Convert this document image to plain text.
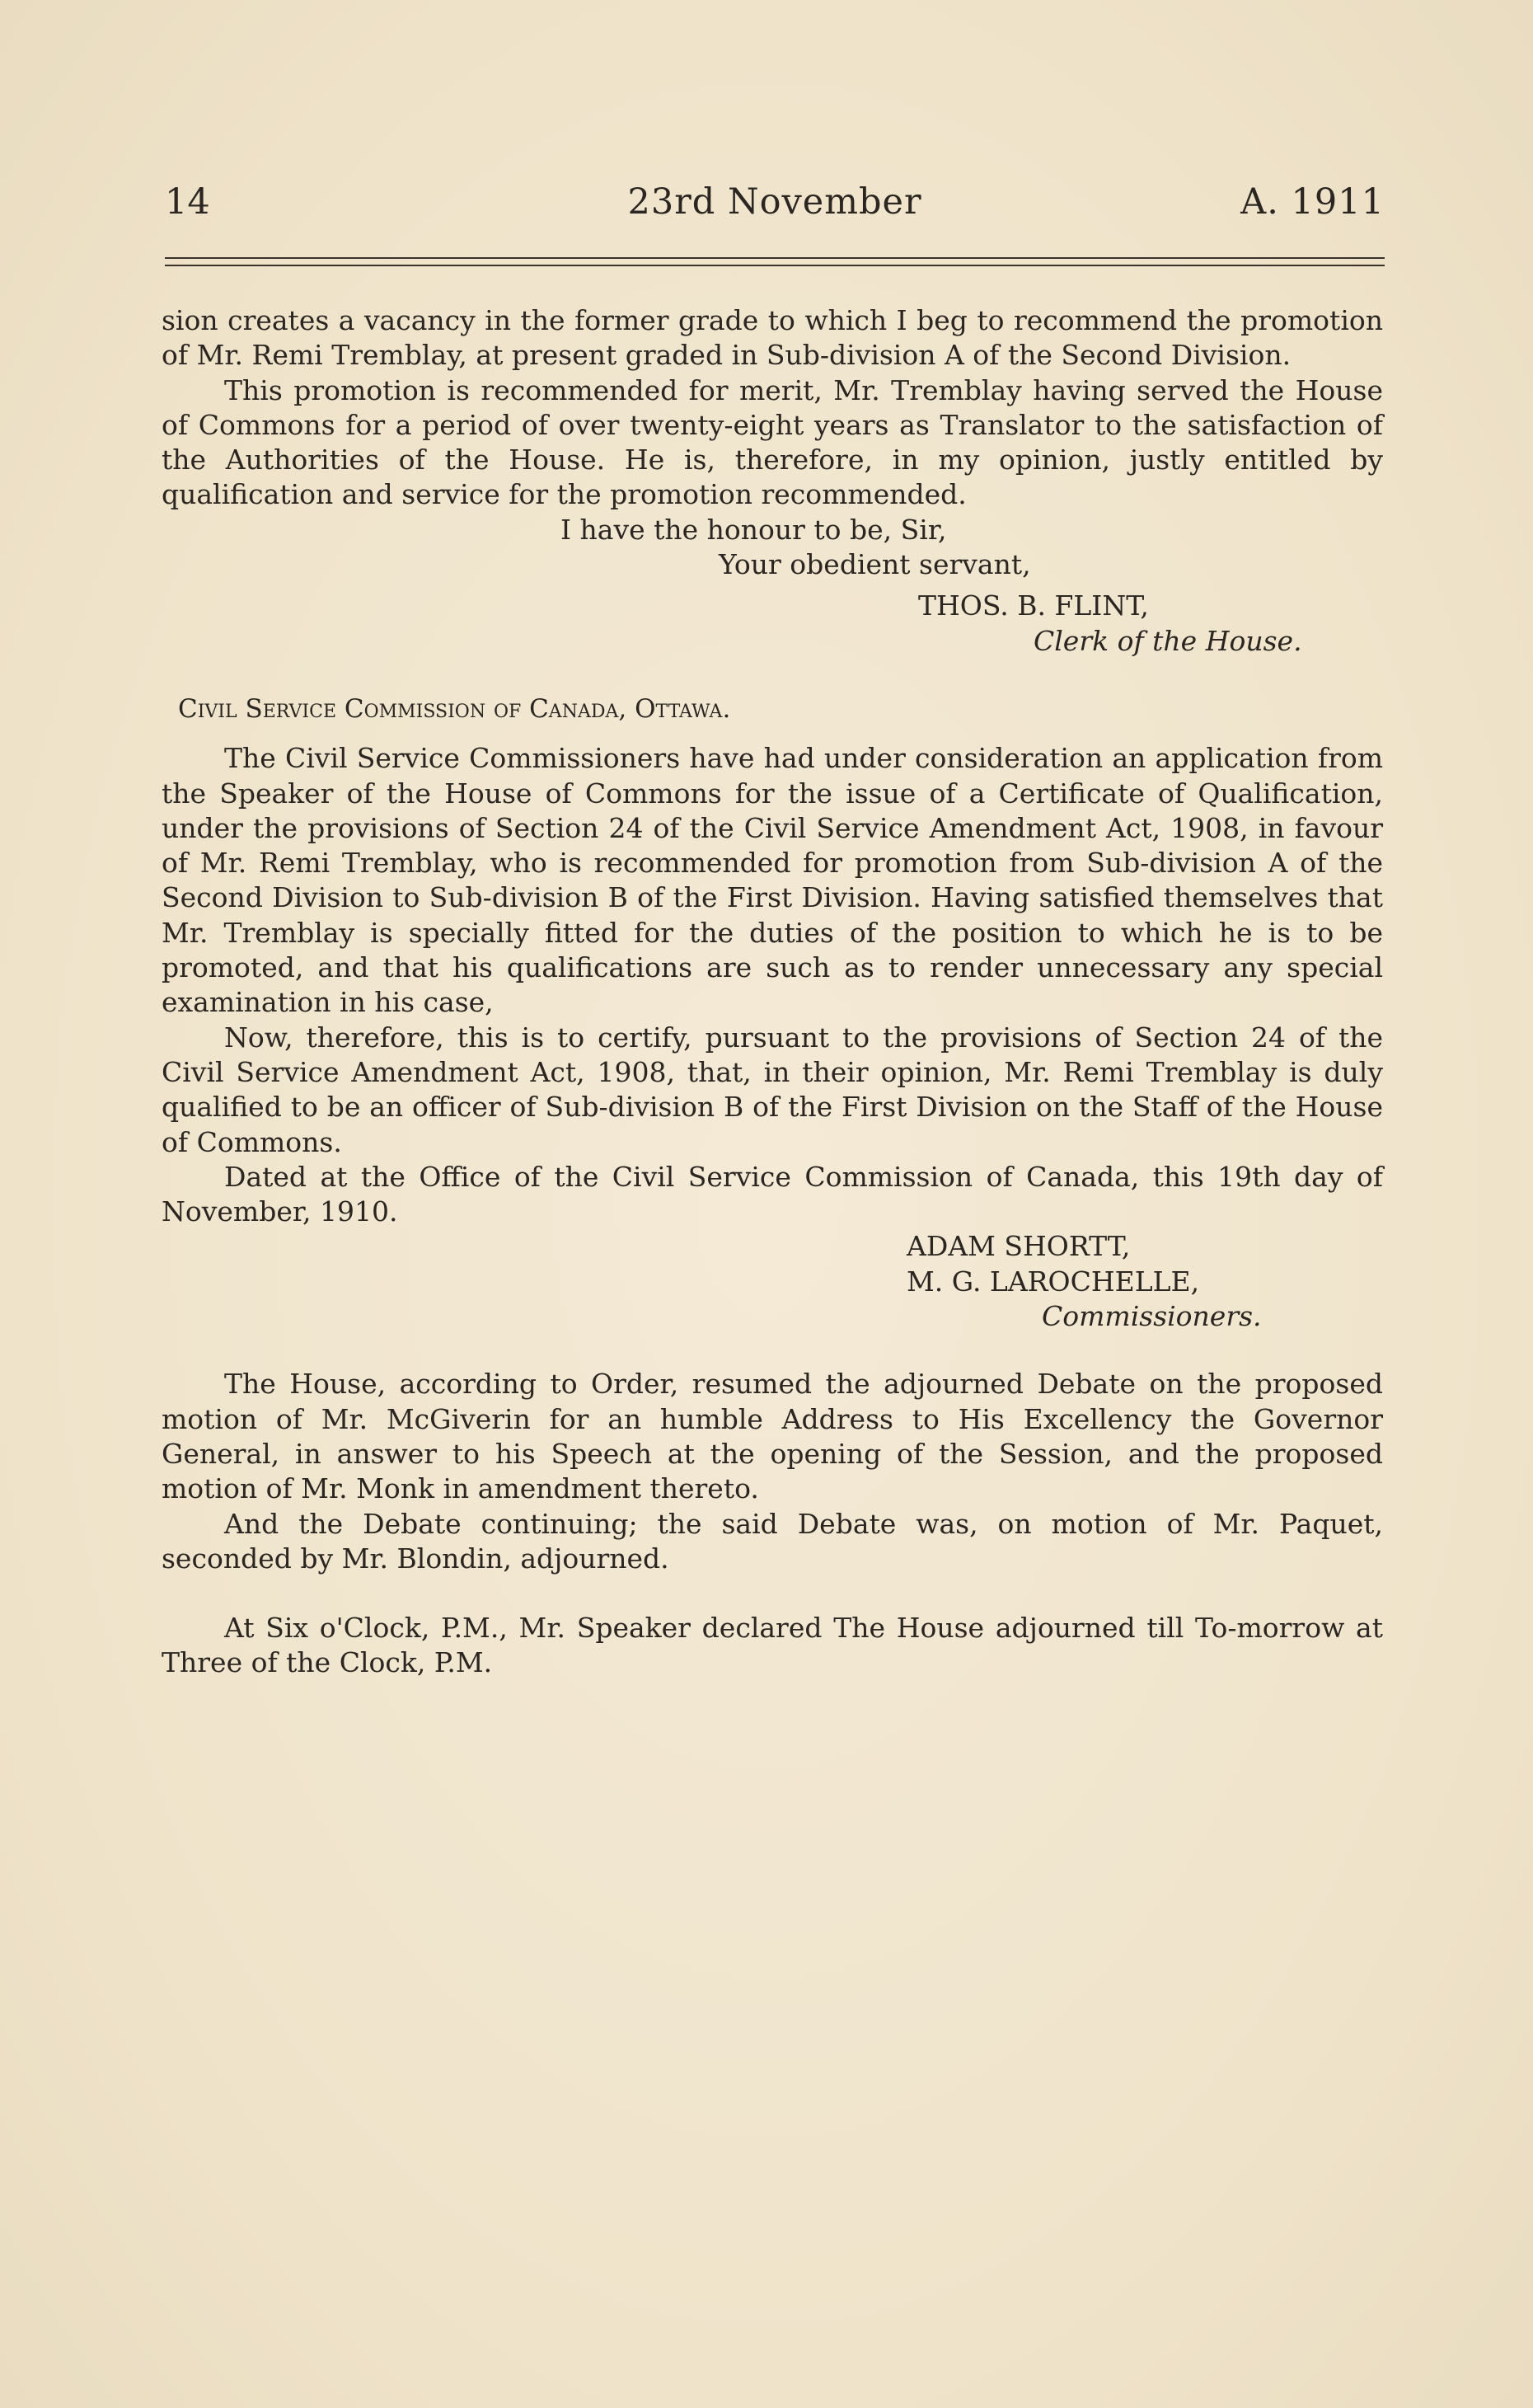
14	23rd November	A. 1911

sion creates a vacancy in the former grade to which I beg to recommend the promotion of Mr. Remi Tremblay, at present graded in Sub-division A of the Second Division.

This promotion is recommended for merit, Mr. Tremblay having served the House of Commons for a period of over twenty-eight years as Translator to the satisfaction of the Authorities of the House. He is, therefore, in my opinion, justly entitled by qualification and service for the promotion recommended.

I have the honour to be, Sir,

Your obedient servant,

THOS. B. FLINT,

Clerk of the House.

Civil Service Commission of Canada, Ottawa.

The Civil Service Commissioners have had under consideration an application from the Speaker of the House of Commons for the issue of a Certificate of Qualification, under the provisions of Section 24 of the Civil Service Amendment Act, 1908, in favour of Mr. Remi Tremblay, who is recommended for promotion from Sub-division A of the Second Division to Sub-division B of the First Division. Having satisfied themselves that Mr. Tremblay is specially fitted for the duties of the position to which he is to be promoted, and that his qualifications are such as to render unnecessary any special examination in his case,

Now, therefore, this is to certify, pursuant to the provisions of Section 24 of the Civil Service Amendment Act, 1908, that, in their opinion, Mr. Remi Tremblay is duly qualified to be an officer of Sub-division B of the First Division on the Staff of the House of Commons.

Dated at the Office of the Civil Service Commission of Canada, this 19th day of November, 1910.

ADAM SHORTT,

M. G. LAROCHELLE,

Commissioners.

The House, according to Order, resumed the adjourned Debate on the proposed motion of Mr. McGiverin for an humble Address to His Excellency the Governor General, in answer to his Speech at the opening of the Session, and the proposed motion of Mr. Monk in amendment thereto.

And the Debate continuing; the said Debate was, on motion of Mr. Paquet, seconded by Mr. Blondin, adjourned.

At Six o'Clock, P.M., Mr. Speaker declared The House adjourned till To-morrow at Three of the Clock, P.M.
